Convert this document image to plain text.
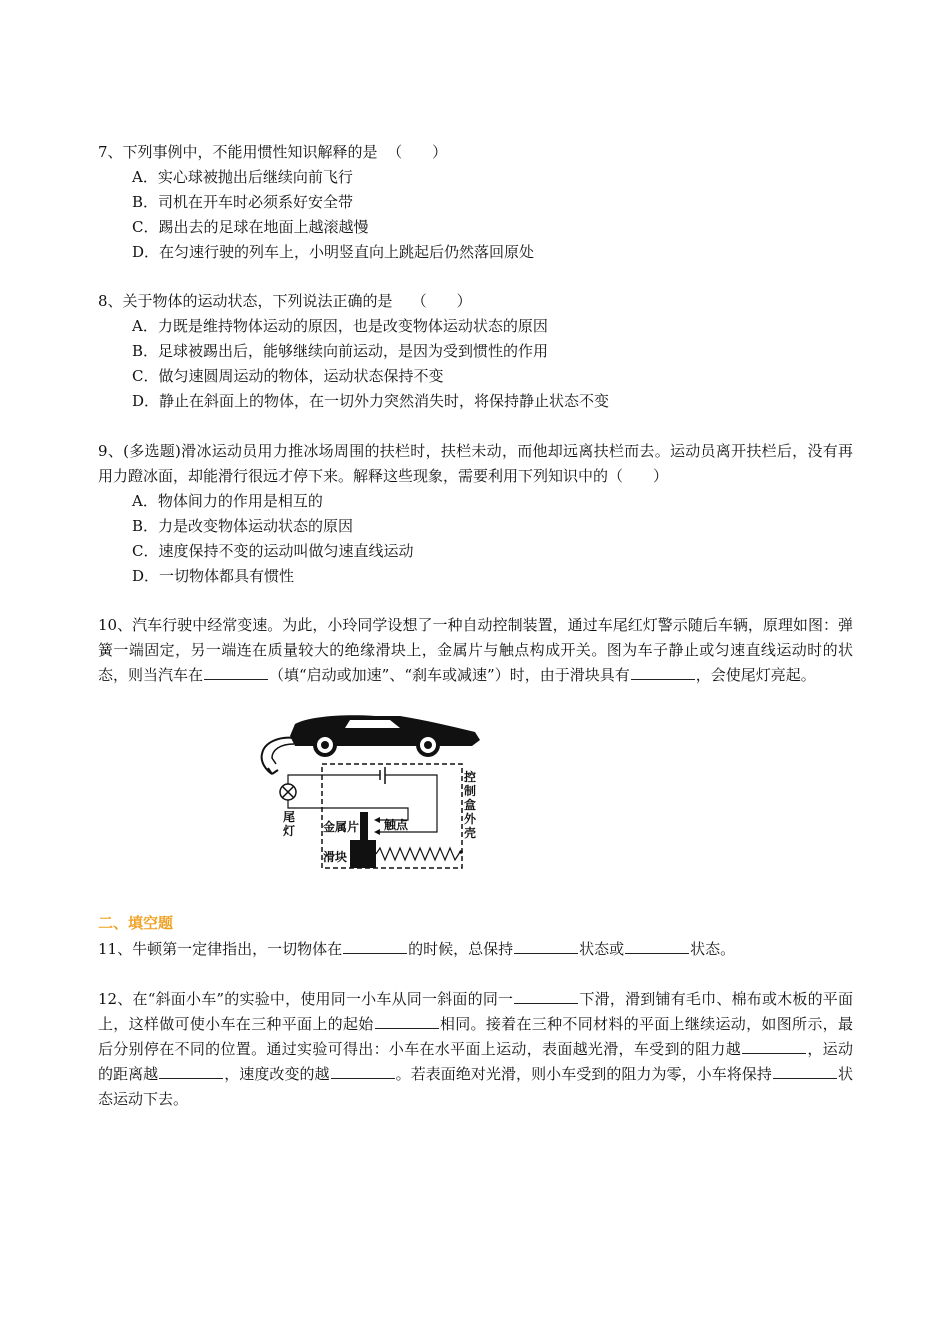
7、下列事例中，不能用惯性知识解释的是 （　　）
A．实心球被抛出后继续向前飞行
B．司机在开车时必须系好安全带
C．踢出去的足球在地面上越滚越慢
D．在匀速行驶的列车上，小明竖直向上跳起后仍然落回原处
8、关于物体的运动状态，下列说法正确的是 （　　）
A．力既是维持物体运动的原因，也是改变物体运动状态的原因
B．足球被踢出后，能够继续向前运动，是因为受到惯性的作用
C．做匀速圆周运动的物体，运动状态保持不变
D．静止在斜面上的物体，在一切外力突然消失时，将保持静止状态不变
9、(多选题)滑冰运动员用力推冰场周围的扶栏时，扶栏未动，而他却远离扶栏而去。运动员离开扶栏后，没有再用力蹬冰面，却能滑行很远才停下来。解释这些现象，需要利用下列知识中的（　　）
A．物体间力的作用是相互的
B．力是改变物体运动状态的原因
C．速度保持不变的运动叫做匀速直线运动
D．一切物体都具有惯性
10、汽车行驶中经常变速。为此，小玲同学设想了一种自动控制装置，通过车尾红灯警示随后车辆，原理如图：弹簧一端固定，另一端连在质量较大的绝缘滑块上，金属片与触点构成开关。图为车子静止或匀速直线运动时的状态，则当汽车在	（填“启动或加速”、“刹车或减速”）时，由于滑块具有	，会使尾灯亮起。
尾灯 金属片 触点
滑块
控制盒外壳
二、填空题
11、牛顿第一定律指出，一切物体在	的时候，总保持	状态或	状态。
12、在“斜面小车”的实验中，使用同一小车从同一斜面的同一	下滑，滑到铺有毛巾、棉布或木板的平面上，这样做可使小车在三种平面上的起始	相同。接着在三种不同材料的平面上继续运动，如图所示，最后分别停在不同的位置。通过实验可得出：小车在水平面上运动，表面越光滑，车受到的阻力越	，运动的距离越	，速度改变的越	。若表面绝对光滑，则小车受到的阻力为零，小车将保持	状态运动下去。
